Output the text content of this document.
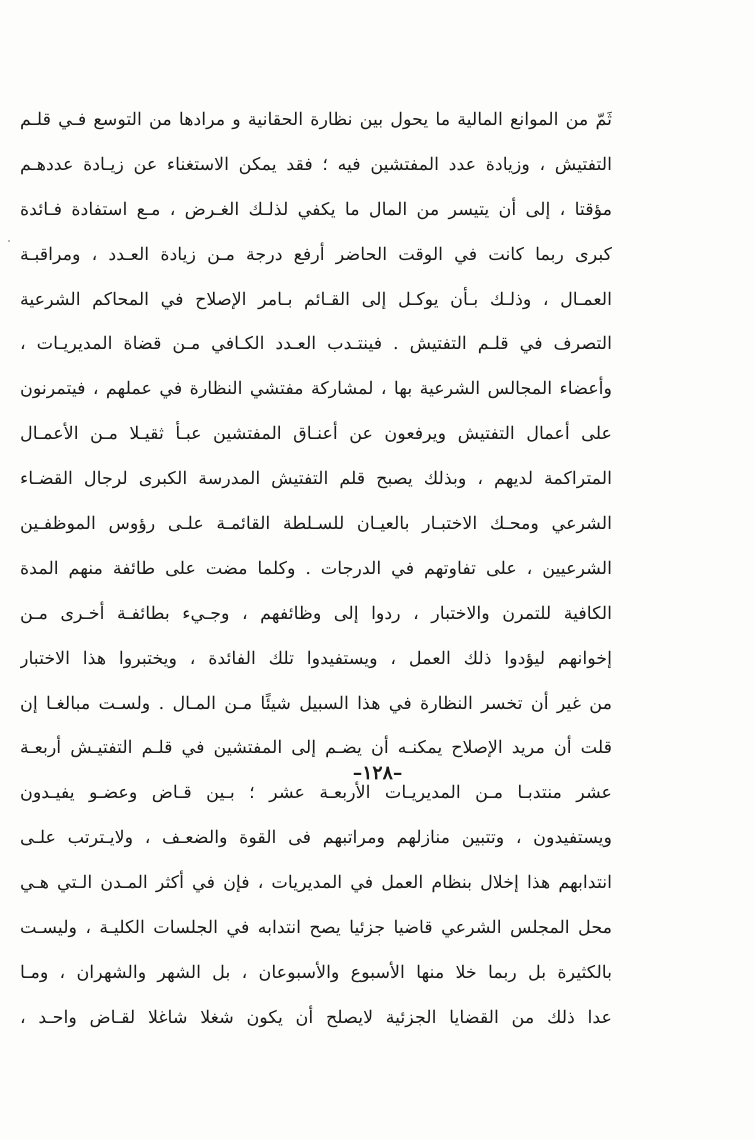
ثَمّ من الموانع المالية ما يحول بين نظارة الحقانية و مرادها من التوسع فـي قلـم
التفتيش ، وزيادة عدد المفتشين فيه ؛ فقد يمكن الاستغناء عن زيـادة عددهـم
مؤقتا ، إلى أن يتيسر من المال ما يكفي لذلـك الغـرض ، مـع استفادة فـائدة
كبرى ربما كانت في الوقت الحاضر أرفع درجة مـن زيادة العـدد ، ومراقبـة
العمـال ، وذلـك بـأن يوكـل إلى القـائم بـامر الإصلاح في المحاكم الشرعية
التصرف في قلـم التفتيش . فينتـدب العـدد الكـافي مـن قضاة المديريـات ،
وأعضاء المجالس الشرعية بها ، لمشاركة مفتشي النظارة في عملهم ، فيتمرنون
على أعمال التفتيش ويرفعون عن أعنـاق المفتشين عبـأ ثقيـلا مـن الأعمـال
المتراكمة لديهم ، وبذلك يصبح قلم التفتيش المدرسة الكبرى لرجال القضـاء
الشرعي ومحـك الاختبـار بالعيـان للسـلطة القائمـة علـى رؤوس الموظفـين
الشرعيين ، على تفاوتهم في الدرجات . وكلما مضت على طائفة منهم المدة
الكافية للتمرن والاختبار ، ردوا إلى وظائفهم ، وجـيء بطائفـة أخـرى مـن
إخوانهم ليؤدوا ذلك العمل ، ويستفيدوا تلك الفائدة ، ويختبروا هذا الاختبار
من غير أن تخسر النظارة في هذا السبيل شيئًا مـن المـال . ولسـت مبالغـا إن
قلت أن مريد الإصلاح يمكنـه أن يضـم إلى المفتشين في قلـم التفتيـش أربعـة
عشر منتدبـا مـن المديريـات الأربعـة عشر ؛ بـين قـاض وعضـو يفيـدون
ويستفيدون ، وتتبين منازلهم ومراتبهم فى القوة والضعـف ، ولايـترتب علـى
انتدابهم هذا إخلال بنظام العمل في المديريات ، فإن في أكثر المـدن الـتي هـي
محل المجلس الشرعي قاضيا جزئيا يصح انتدابه في الجلسات الكليـة ، وليسـت
بالكثيرة بل ربما خلا منها الأسبوع والأسبوعان ، بل الشهر والشهران ، ومـا
عدا ذلك من القضايا الجزئية لايصلح أن يكون شغلا شاغلا لقـاض واحـد ،
–١٢٨–
